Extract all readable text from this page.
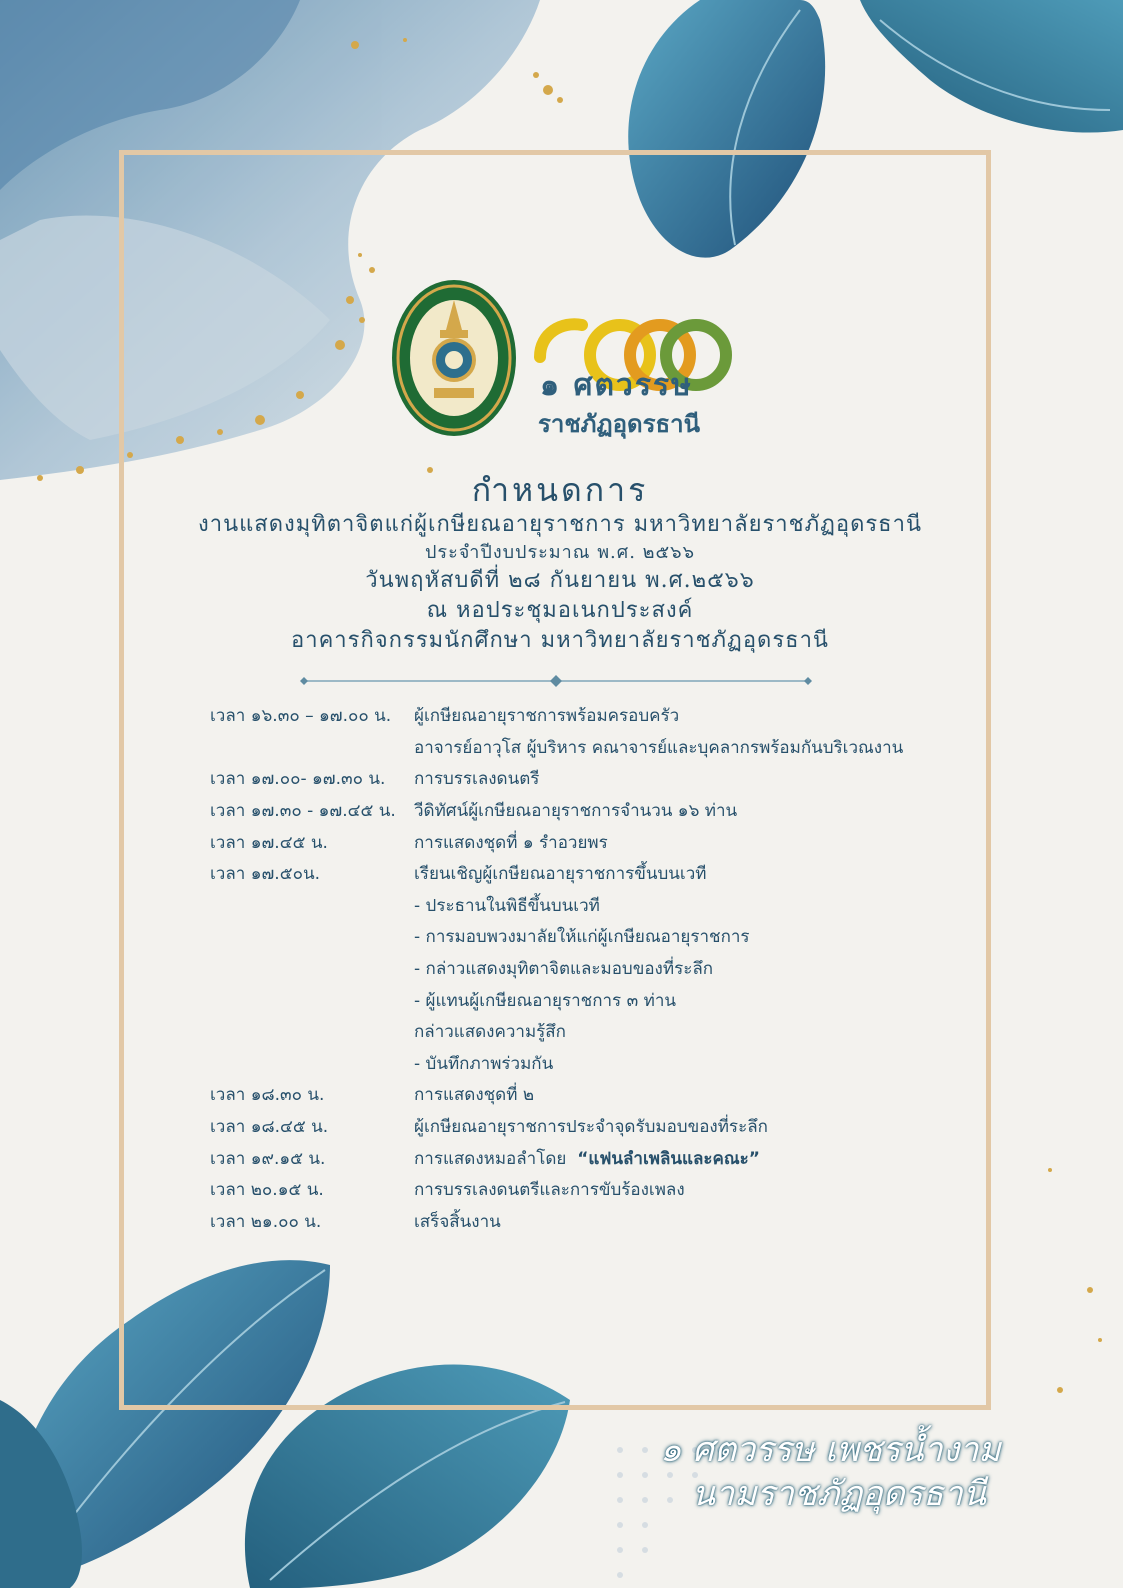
๑ ศตวรรษ
ราชภัฏอุดรธานี
กำหนดการ
งานแสดงมุทิตาจิตแก่ผู้เกษียณอายุราชการ มหาวิทยาลัยราชภัฏอุดรธานี
ประจำปีงบประมาณ พ.ศ. ๒๕๖๖
วันพฤหัสบดีที่ ๒๘ กันยายน พ.ศ.๒๕๖๖
ณ หอประชุมอเนกประสงค์
อาคารกิจกรรมนักศึกษา มหาวิทยาลัยราชภัฏอุดรธานี
เวลา ๑๖.๓๐ – ๑๗.๐๐ น.	ผู้เกษียณอายุราชการพร้อมครอบครัว
อาจารย์อาวุโส ผู้บริหาร คณาจารย์และบุคลากรพร้อมกันบริเวณงาน
เวลา ๑๗.๐๐- ๑๗.๓๐ น.	การบรรเลงดนตรี
เวลา ๑๗.๓๐ - ๑๗.๔๕ น.	วีดิทัศน์ผู้เกษียณอายุราชการจำนวน ๑๖ ท่าน
เวลา ๑๗.๔๕ น.	การแสดงชุดที่ ๑ รำอวยพร
เวลา ๑๗.๕๐น.	เรียนเชิญผู้เกษียณอายุราชการขึ้นบนเวที
- ประธานในพิธีขึ้นบนเวที
- การมอบพวงมาลัยให้แก่ผู้เกษียณอายุราชการ
- กล่าวแสดงมุทิตาจิตและมอบของที่ระลึก
- ผู้แทนผู้เกษียณอายุราชการ ๓ ท่าน
กล่าวแสดงความรู้สึก
- บันทึกภาพร่วมกัน
เวลา ๑๘.๓๐ น.	การแสดงชุดที่ ๒
เวลา ๑๘.๔๕ น.	ผู้เกษียณอายุราชการประจำจุดรับมอบของที่ระลึก
เวลา ๑๙.๑๕ น.	การแสดงหมอลำโดย “แฟนลำเพลินและคณะ”
เวลา ๒๐.๑๕ น.	การบรรเลงดนตรีและการขับร้องเพลง
เวลา ๒๑.๐๐ น.	เสร็จสิ้นงาน
๑ ศตวรรษ เพชรน้ำงาม
นามราชภัฏอุดรธานี
